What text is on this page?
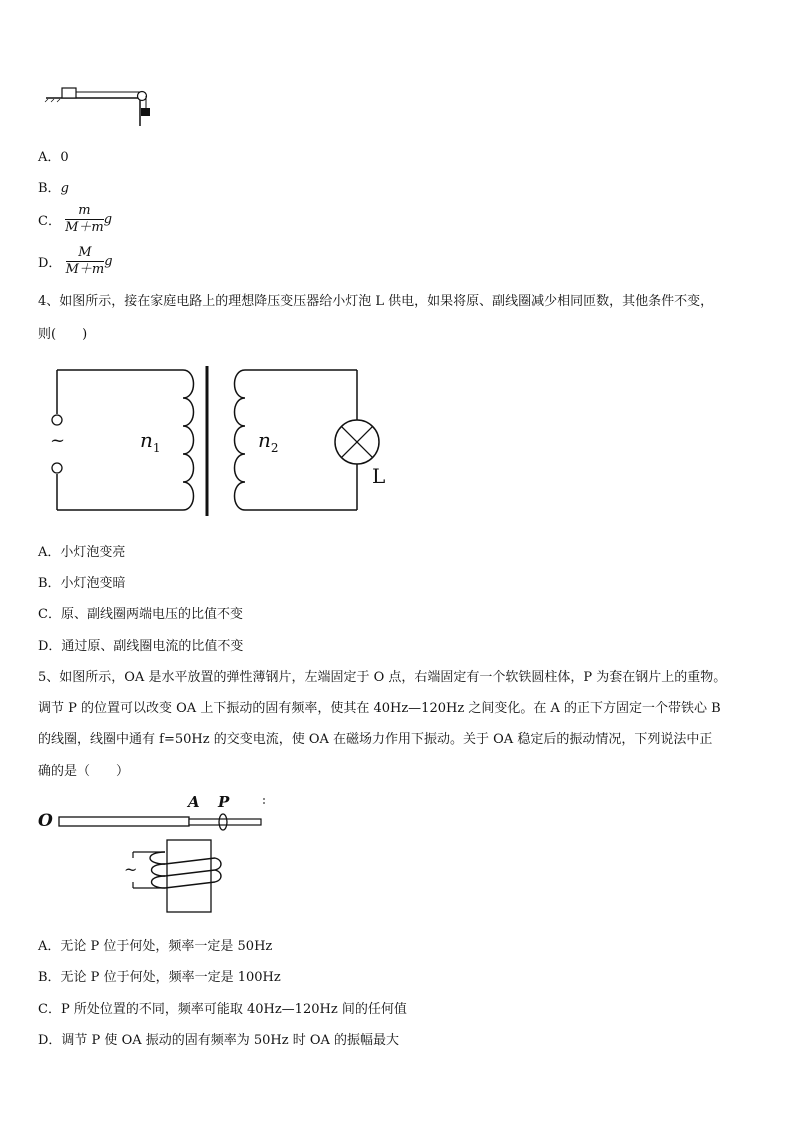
A．0
B．g
C． $\frac{m}{M+m}$ g
D． $\frac{M}{M+m}$ g
4、如图所示，接在家庭电路上的理想降压变压器给小灯泡 L 供电，如果将原、副线圈减少相同匝数，其他条件不变，
则(　　)
~	$n_1$	$n_2$
L
A．小灯泡变亮
B．小灯泡变暗
C．原、副线圈两端电压的比值不变
D．通过原、副线圈电流的比值不变
5、如图所示，OA 是水平放置的弹性薄钢片，左端固定于 O 点，右端固定有一个软铁圆柱体，P 为套在钢片上的重物。
调节 P 的位置可以改变 OA 上下振动的固有频率，使其在 40Hz—120Hz 之间变化。在 A 的正下方固定一个带铁心 B
的线圈，线圈中通有 f=50Hz 的交变电流，使 OA 在磁场力作用下振动。关于 OA 稳定后的振动情况，下列说法中正
确的是（　　）
O
A P
~
A．无论 P 位于何处，频率一定是 50Hz
B．无论 P 位于何处，频率一定是 100Hz
C．P 所处位置的不同，频率可能取 40Hz—120Hz 间的任何值
D．调节 P 使 OA 振动的固有频率为 50Hz 时 OA 的振幅最大
